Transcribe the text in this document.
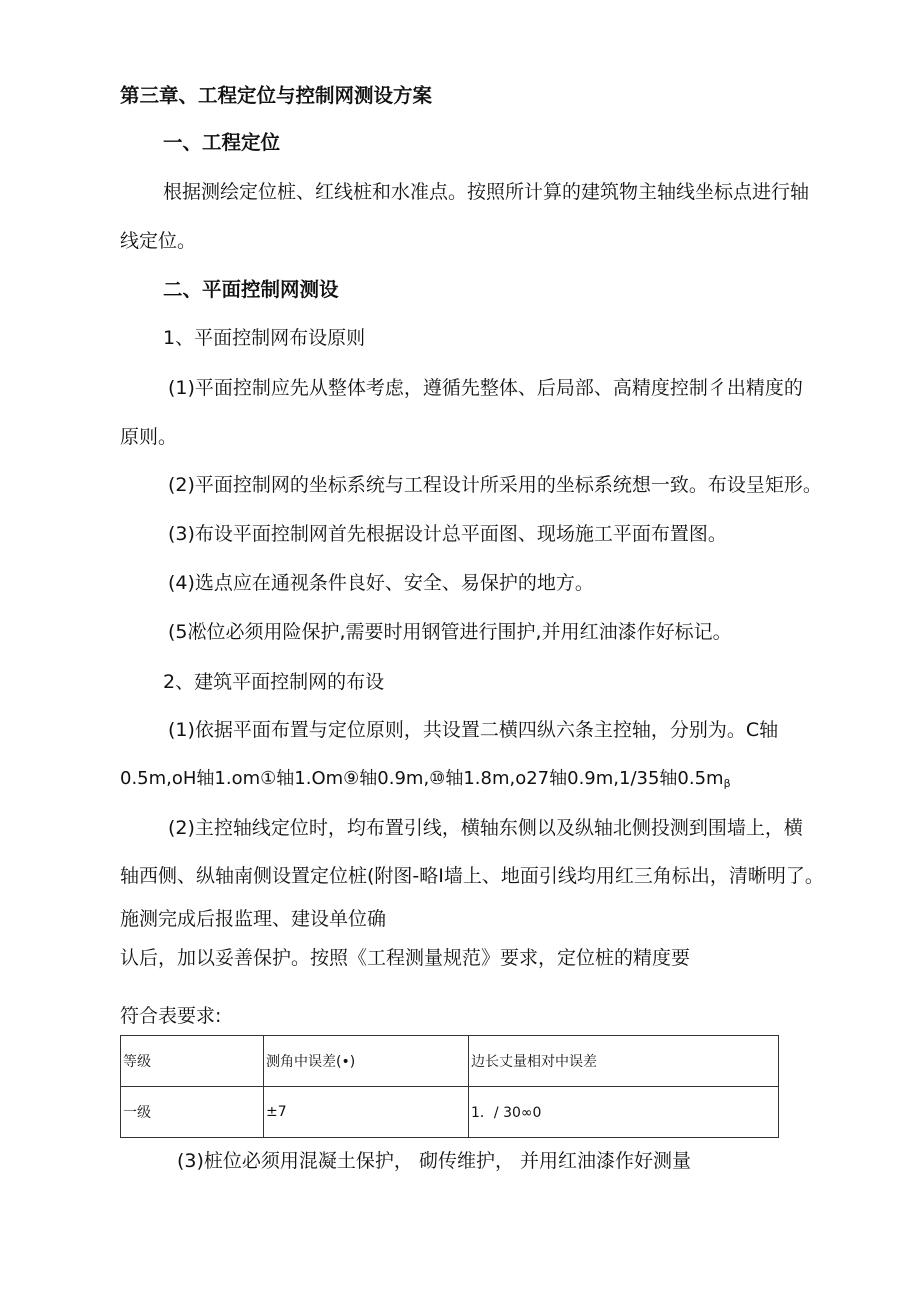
第三章、工程定位与控制网测设方案
一、工程定位
根据测绘定位桩、红线桩和水准点。按照所计算的建筑物主轴线坐标点进行轴
线定位。
二、平面控制网测设
1、平面控制网布设原则
(1)平面控制应先从整体考虑，遵循先整体、后局部、高精度控制彳出精度的
原则。
(2)平面控制网的坐标系统与工程设计所采用的坐标系统想一致。布设呈矩形。
(3)布设平面控制网首先根据设计总平面图、现场施工平面布置图。
(4)选点应在通视条件良好、安全、易保护的地方。
(5凇位必须用险保护,需要时用钢管进行围护,并用红油漆作好标记。
2、建筑平面控制网的布设
(1)依据平面布置与定位原则，共设置二横四纵六条主控轴，分别为。C轴
0.5m,oH轴1.om①轴1.Om⑨轴0.9m,⑩轴1.8m,o27轴0.9m,1/35轴$0.5m_\beta$
(2)主控轴线定位时，均布置引线，横轴东侧以及纵轴北侧投测到围墙上，横
轴西侧、纵轴南侧设置定位桩(附图-略I墙上、地面引线均用红三角标出，清晰明了。
施测完成后报监理、建设单位确
认后，加以妥善保护。按照《工程测量规范》要求，定位桩的精度要
符合表要求:
等级	测角中误差(•)	边长丈量相对中误差
一级	±7	1．/ 30∞0
(3)桩位必须用混凝土保护， 砌传维护， 并用红油漆作好测量
